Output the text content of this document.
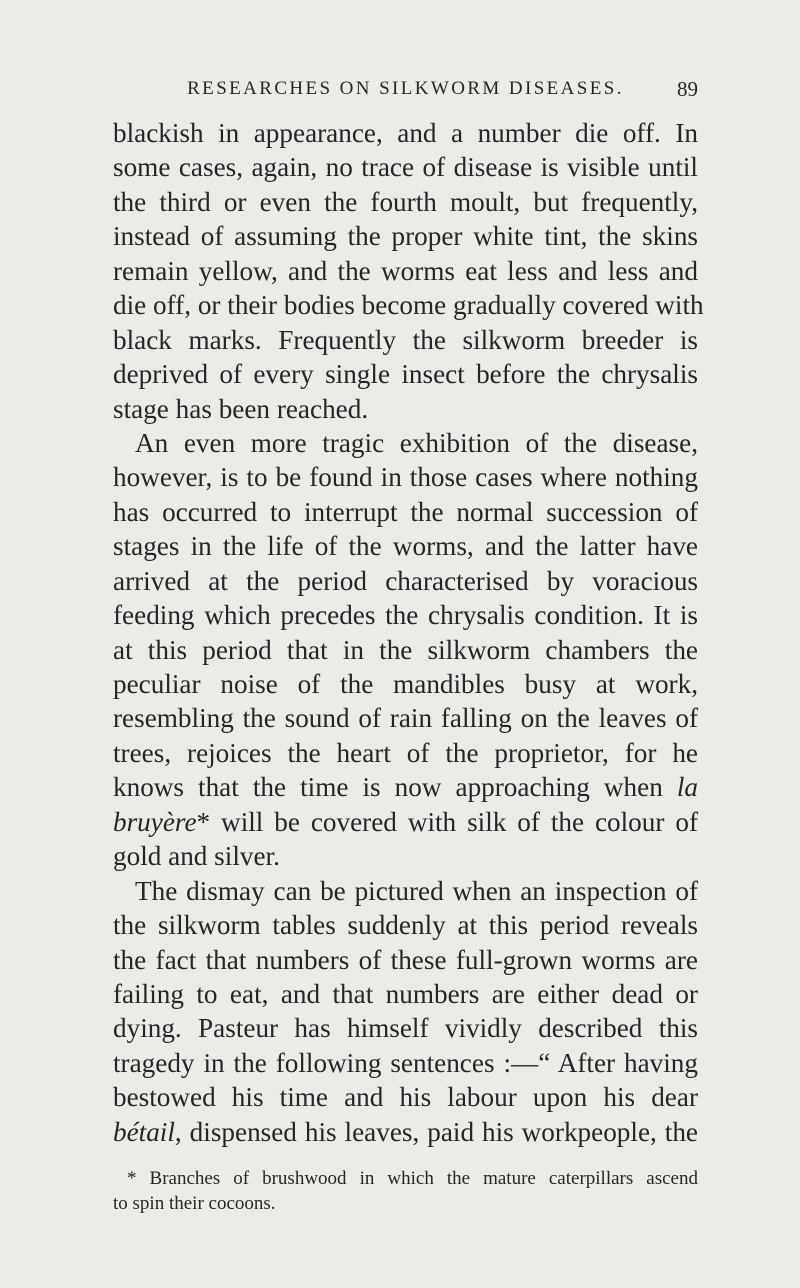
RESEARCHES ON SILKWORM DISEASES.	89
blackish in appearance, and a number die off. In
some cases, again, no trace of disease is visible until
the third or even the fourth moult, but frequently,
instead of assuming the proper white tint, the skins
remain yellow, and the worms eat less and less and
die off, or their bodies become gradually covered with
black marks. Frequently the silkworm breeder is
deprived of every single insect before the chrysalis
stage has been reached.
An even more tragic exhibition of the disease,
however, is to be found in those cases where nothing
has occurred to interrupt the normal succession of
stages in the life of the worms, and the latter have
arrived at the period characterised by voracious
feeding which precedes the chrysalis condition. It is
at this period that in the silkworm chambers the
peculiar noise of the mandibles busy at work,
resembling the sound of rain falling on the leaves of
trees, rejoices the heart of the proprietor, for he
knows that the time is now approaching when la
bruyère* will be covered with silk of the colour of
gold and silver.
The dismay can be pictured when an inspection of
the silkworm tables suddenly at this period reveals
the fact that numbers of these full-grown worms are
failing to eat, and that numbers are either dead or
dying. Pasteur has himself vividly described this
tragedy in the following sentences :—“ After having
bestowed his time and his labour upon his dear
bétail, dispensed his leaves, paid his workpeople, the
* Branches of brushwood in which the mature caterpillars ascend
to spin their cocoons.
